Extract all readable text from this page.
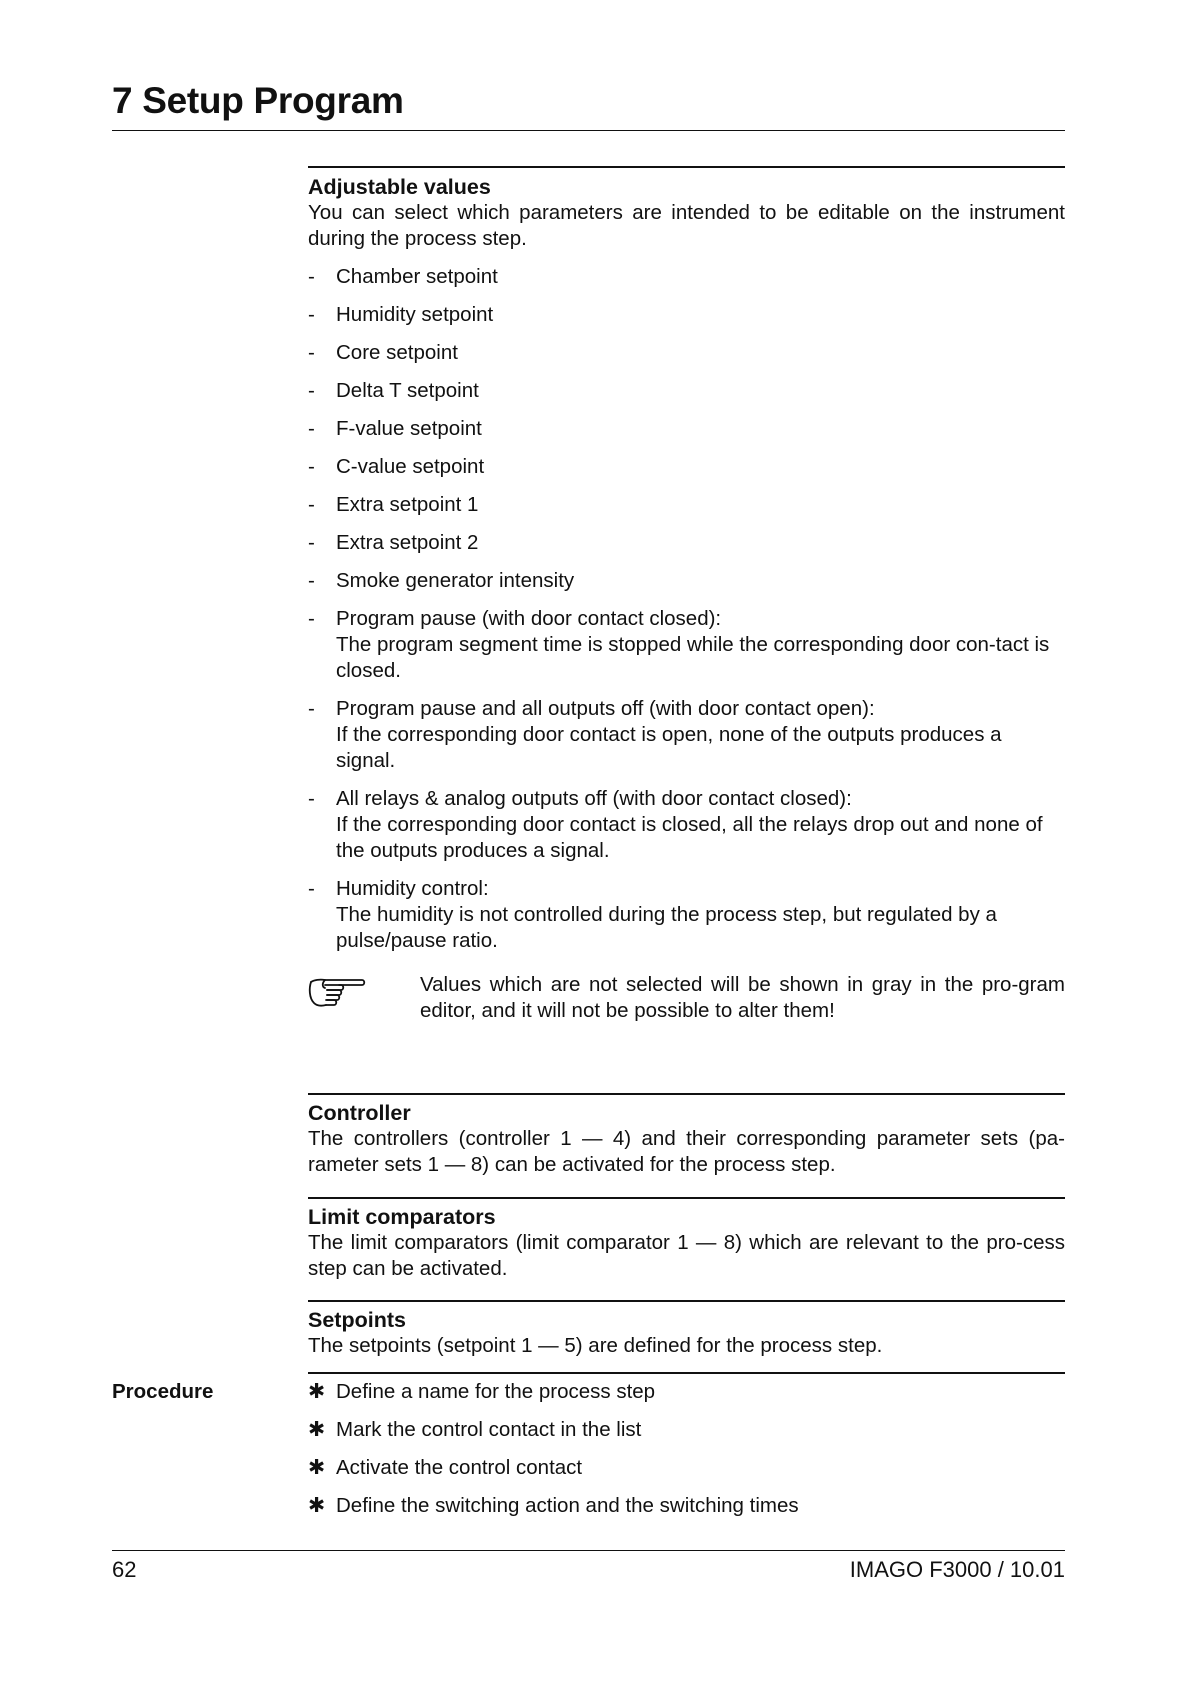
7 Setup Program
Adjustable values

You can select which parameters are intended to be editable on the instrument during the process step.

- Chamber setpoint
- Humidity setpoint
- Core setpoint
- Delta T setpoint
- F-value setpoint
- C-value setpoint
- Extra setpoint 1
- Extra setpoint 2
- Smoke generator intensity
- Program pause (with door contact closed):
The program segment time is stopped while the corresponding door con-tact is closed.
- Program pause and all outputs off (with door contact open):
If the corresponding door contact is open, none of the outputs produces a signal.
- All relays & analog outputs off (with door contact closed):
If the corresponding door contact is closed, all the relays drop out and none of the outputs produces a signal.
- Humidity control:
The humidity is not controlled during the process step, but regulated by a pulse/pause ratio.
Values which are not selected will be shown in gray in the pro-gram editor, and it will not be possible to alter them!
Controller

The controllers (controller 1 — 4) and their corresponding parameter sets (pa-rameter sets 1 — 8) can be activated for the process step.

Limit comparators

The limit comparators (limit comparator 1 — 8) which are relevant to the pro-cess step can be activated.

Setpoints

The setpoints (setpoint 1 — 5) are defined for the process step.

Procedure	✱ Define a name for the process step
✱ Mark the control contact in the list
✱ Activate the control contact
✱ Define the switching action and the switching times
62	IMAGO F3000 / 10.01
